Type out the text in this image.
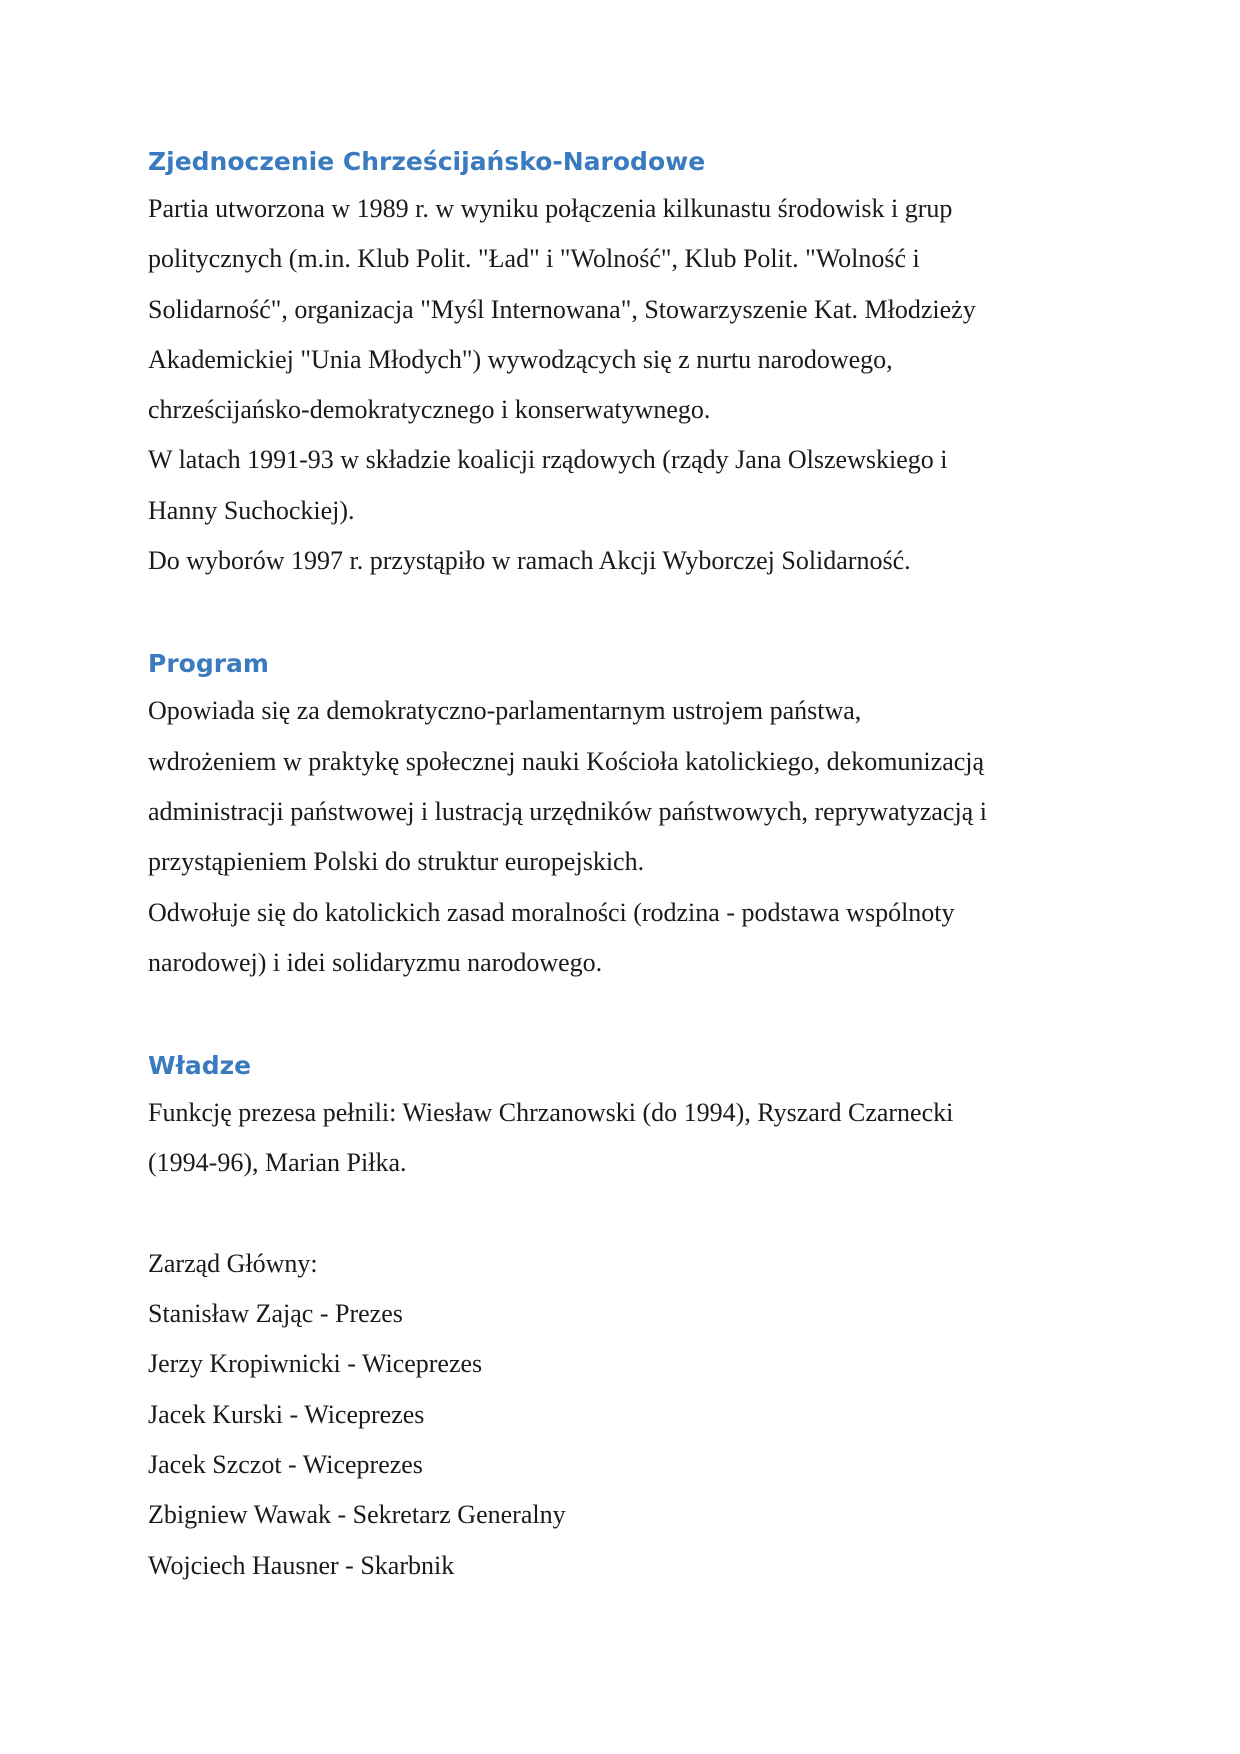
Zjednoczenie Chrześcijańsko-Narodowe

Partia utworzona w 1989 r. w wyniku połączenia kilkunastu środowisk i grup

politycznych (m.in. Klub Polit. "Ład" i "Wolność", Klub Polit. "Wolność i

Solidarność", organizacja "Myśl Internowana", Stowarzyszenie Kat. Młodzieży

Akademickiej "Unia Młodych") wywodzących się z nurtu narodowego,

chrześcijańsko-demokratycznego i konserwatywnego.

W latach 1991-93 w składzie koalicji rządowych (rządy Jana Olszewskiego i

Hanny Suchockiej).

Do wyborów 1997 r. przystąpiło w ramach Akcji Wyborczej Solidarność.

Program

Opowiada się za demokratyczno-parlamentarnym ustrojem państwa,

wdrożeniem w praktykę społecznej nauki Kościoła katolickiego, dekomunizacją

administracji państwowej i lustracją urzędników państwowych, reprywatyzacją i

przystąpieniem Polski do struktur europejskich.

Odwołuje się do katolickich zasad moralności (rodzina - podstawa wspólnoty

narodowej) i idei solidaryzmu narodowego.

Władze

Funkcję prezesa pełnili: Wiesław Chrzanowski (do 1994), Ryszard Czarnecki

(1994-96), Marian Piłka.

Zarząd Główny:

Stanisław Zając - Prezes

Jerzy Kropiwnicki - Wiceprezes

Jacek Kurski - Wiceprezes

Jacek Szczot - Wiceprezes

Zbigniew Wawak - Sekretarz Generalny

Wojciech Hausner - Skarbnik
